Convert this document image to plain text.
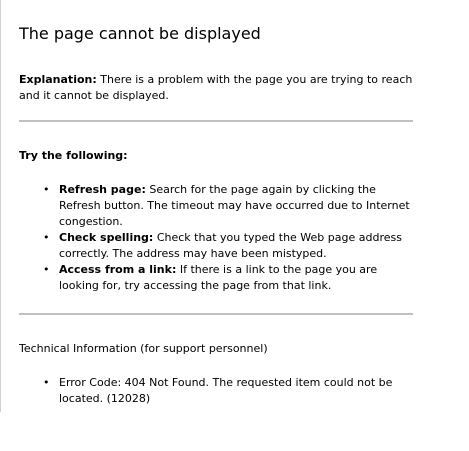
The page cannot be displayed
Explanation: There is a problem with the page you are trying to reach and it cannot be displayed.
Try the following:
• Refresh page: Search for the page again by clicking the Refresh button. The timeout may have occurred due to Internet congestion.
• Check spelling: Check that you typed the Web page address correctly. The address may have been mistyped.
• Access from a link: If there is a link to the page you are looking for, try accessing the page from that link.
Technical Information (for support personnel)
• Error Code: 404 Not Found. The requested item could not be located. (12028)
